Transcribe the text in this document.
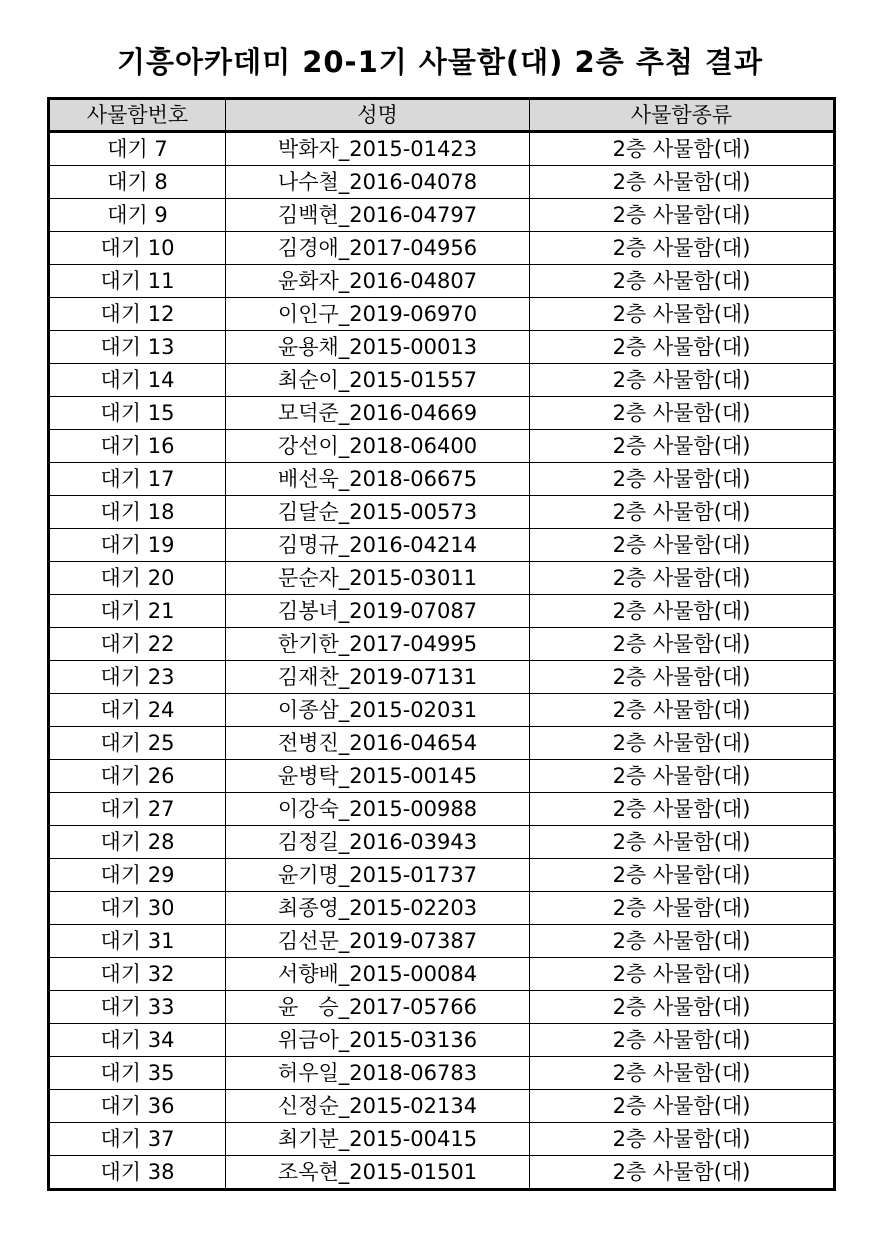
기흥아카데미 20-1기 사물함(대) 2층 추첨 결과
사물함번호	성명	사물함종류
대기 7	박화자_2015-01423	2층 사물함(대)
대기 8	나수철_2016-04078	2층 사물함(대)
대기 9	김백현_2016-04797	2층 사물함(대)
대기 10	김경애_2017-04956	2층 사물함(대)
대기 11	윤화자_2016-04807	2층 사물함(대)
대기 12	이인구_2019-06970	2층 사물함(대)
대기 13	윤용채_2015-00013	2층 사물함(대)
대기 14	최순이_2015-01557	2층 사물함(대)
대기 15	모덕준_2016-04669	2층 사물함(대)
대기 16	강선이_2018-06400	2층 사물함(대)
대기 17	배선욱_2018-06675	2층 사물함(대)
대기 18	김달순_2015-00573	2층 사물함(대)
대기 19	김명규_2016-04214	2층 사물함(대)
대기 20	문순자_2015-03011	2층 사물함(대)
대기 21	김봉녀_2019-07087	2층 사물함(대)
대기 22	한기한_2017-04995	2층 사물함(대)
대기 23	김재찬_2019-07131	2층 사물함(대)
대기 24	이종삼_2015-02031	2층 사물함(대)
대기 25	전병진_2016-04654	2층 사물함(대)
대기 26	윤병탁_2015-00145	2층 사물함(대)
대기 27	이강숙_2015-00988	2층 사물함(대)
대기 28	김정길_2016-03943	2층 사물함(대)
대기 29	윤기명_2015-01737	2층 사물함(대)
대기 30	최종영_2015-02203	2층 사물함(대)
대기 31	김선문_2019-07387	2층 사물함(대)
대기 32	서향배_2015-00084	2층 사물함(대)
대기 33	윤   승_2017-05766	2층 사물함(대)
대기 34	위금아_2015-03136	2층 사물함(대)
대기 35	허우일_2018-06783	2층 사물함(대)
대기 36	신정순_2015-02134	2층 사물함(대)
대기 37	최기분_2015-00415	2층 사물함(대)
대기 38	조옥현_2015-01501	2층 사물함(대)
